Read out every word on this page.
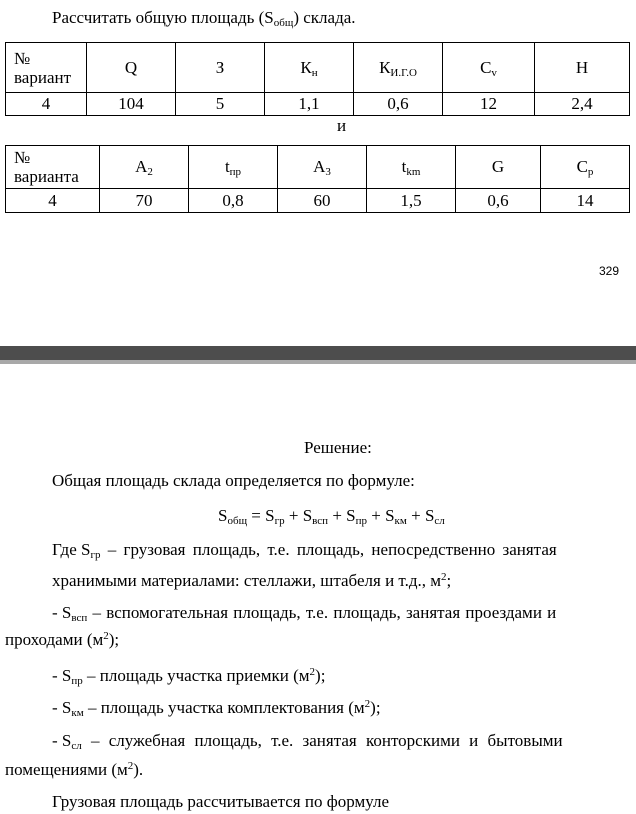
Рассчитать общую площадь $(S_{общ})$ склада.
№
вариант	Q	З	$К_н$	$К_{И.Г.О}$	$C_v$	Н
4	104	5	1,1	0,6	12	2,4
и
№
варианта	$А_2$	$t_{пр}$	$А_3$	$t_{km}$	G	$C_р$
4	70	0,8	60	1,5	0,6	14
329
Решение:
Общая площадь склада определяется по формуле:
$S_{общ} = S_{гр} + S_{всп} + S_{пр} + S_{км} + S_{сл}$
Где $S_{гр}$ – грузовая площадь, т.е. площадь, непосредственно занятая
хранимыми материалами: стеллажи, штабеля и т.д., $м^2$;
- $S_{всп}$ – вспомогательная площадь, т.е. площадь, занятая проездами и
проходами $(м^2)$;
- $S_{пр}$ – площадь участка приемки $(м^2)$;
- $S_{км}$ – площадь участка комплектования $(м^2)$;
- $S_{сл}$ – служебная площадь, т.е. занятая конторскими и бытовыми
помещениями $(м^2)$.
Грузовая площадь рассчитывается по формуле
